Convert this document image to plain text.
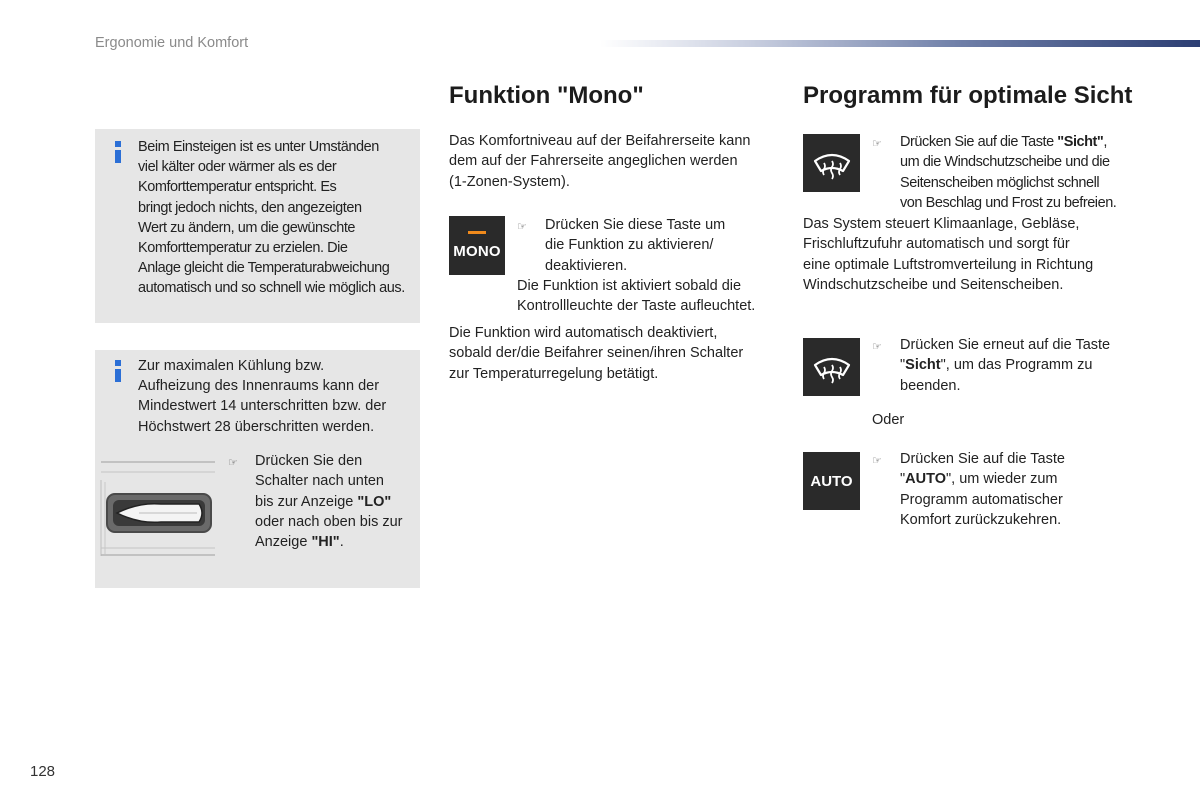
Ergonomie und Komfort
Beim Einsteigen ist es unter Umständen
viel kälter oder wärmer als es der
Komforttemperatur entspricht. Es
bringt jedoch nichts, den angezeigten
Wert zu ändern, um die gewünschte
Komforttemperatur zu erzielen. Die
Anlage gleicht die Temperaturabweichung
automatisch und so schnell wie möglich aus.
Zur maximalen Kühlung bzw.
Aufheizung des Innenraums kann der
Mindestwert 14 unterschritten bzw. der
Höchstwert 28 überschritten werden.
☞ Drücken Sie den
Schalter nach unten
bis zur Anzeige "LO"
oder nach oben bis zur
Anzeige "HI".
Funktion "Mono"
Das Komfortniveau auf der Beifahrerseite kann
dem auf der Fahrerseite angeglichen werden
(1-Zonen-System).
MONO
☞ Drücken Sie diese Taste um
die Funktion zu aktivieren/
deaktivieren.
Die Funktion ist aktiviert sobald die
Kontrollleuchte der Taste aufleuchtet.
Die Funktion wird automatisch deaktiviert,
sobald der/die Beifahrer seinen/ihren Schalter
zur Temperaturregelung betätigt.
Programm für optimale Sicht
☞ Drücken Sie auf die Taste "Sicht",
um die Windschutzscheibe und die
Seitenscheiben möglichst schnell
von Beschlag und Frost zu befreien.
Das System steuert Klimaanlage, Gebläse,
Frischluftzufuhr automatisch und sorgt für
eine optimale Luftstromverteilung in Richtung
Windschutzscheibe und Seitenscheiben.
☞ Drücken Sie erneut auf die Taste
"Sicht", um das Programm zu
beenden.
Oder
AUTO
☞ Drücken Sie auf die Taste
"AUTO", um wieder zum
Programm automatischer
Komfort zurückzukehren.
128
